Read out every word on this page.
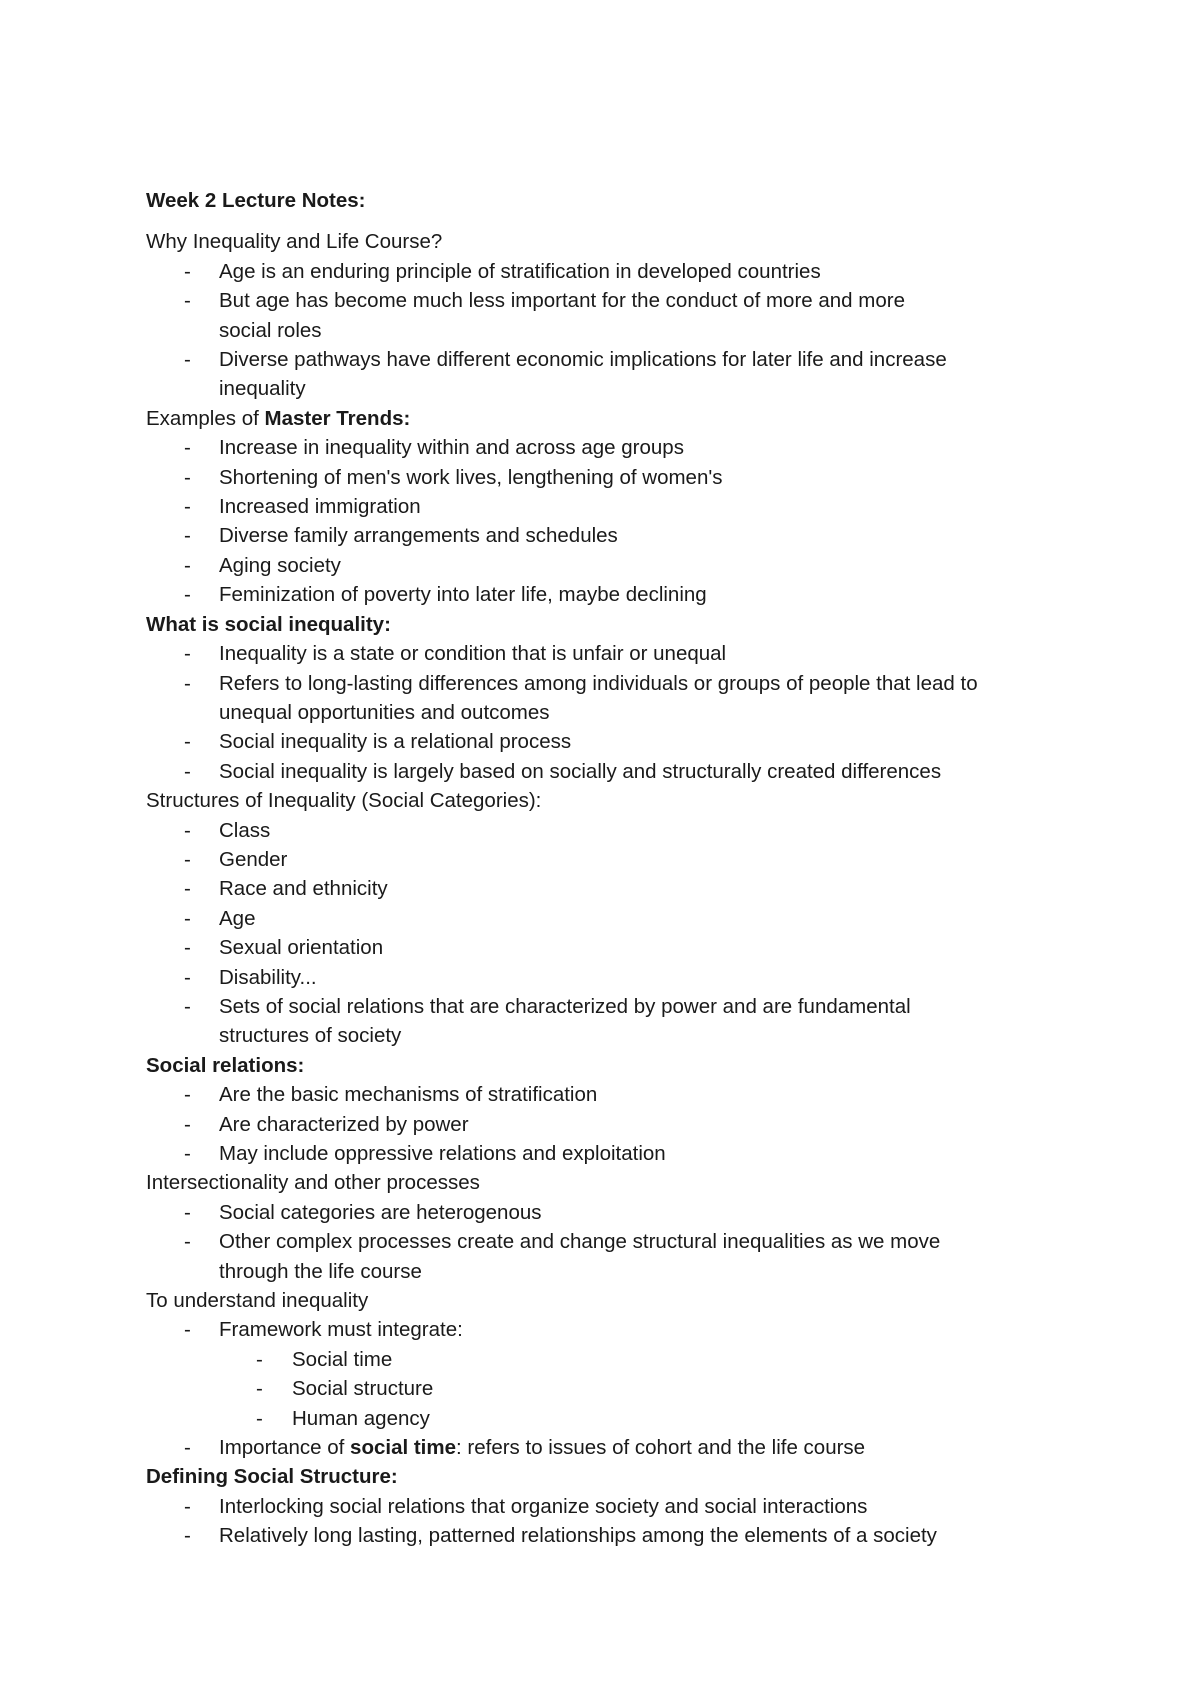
Week 2 Lecture Notes:

Why Inequality and Life Course?

- Age is an enduring principle of stratification in developed countries
- But age has become much less important for the conduct of more and more social roles
- Diverse pathways have different economic implications for later life and increase inequality

Examples of Master Trends:

- Increase in inequality within and across age groups
- Shortening of men's work lives, lengthening of women's
- Increased immigration
- Diverse family arrangements and schedules
- Aging society
- Feminization of poverty into later life, maybe declining

What is social inequality:

- Inequality is a state or condition that is unfair or unequal
- Refers to long-lasting differences among individuals or groups of people that lead to unequal opportunities and outcomes
- Social inequality is a relational process
- Social inequality is largely based on socially and structurally created differences

Structures of Inequality (Social Categories):

- Class
- Gender
- Race and ethnicity
- Age
- Sexual orientation
- Disability...
- Sets of social relations that are characterized by power and are fundamental structures of society

Social relations:

- Are the basic mechanisms of stratification
- Are characterized by power
- May include oppressive relations and exploitation

Intersectionality and other processes

- Social categories are heterogenous
- Other complex processes create and change structural inequalities as we move through the life course

To understand inequality

- Framework must integrate:
- Social time
- Social structure
- Human agency
- Importance of social time: refers to issues of cohort and the life course

Defining Social Structure:

- Interlocking social relations that organize society and social interactions
- Relatively long lasting, patterned relationships among the elements of a society
